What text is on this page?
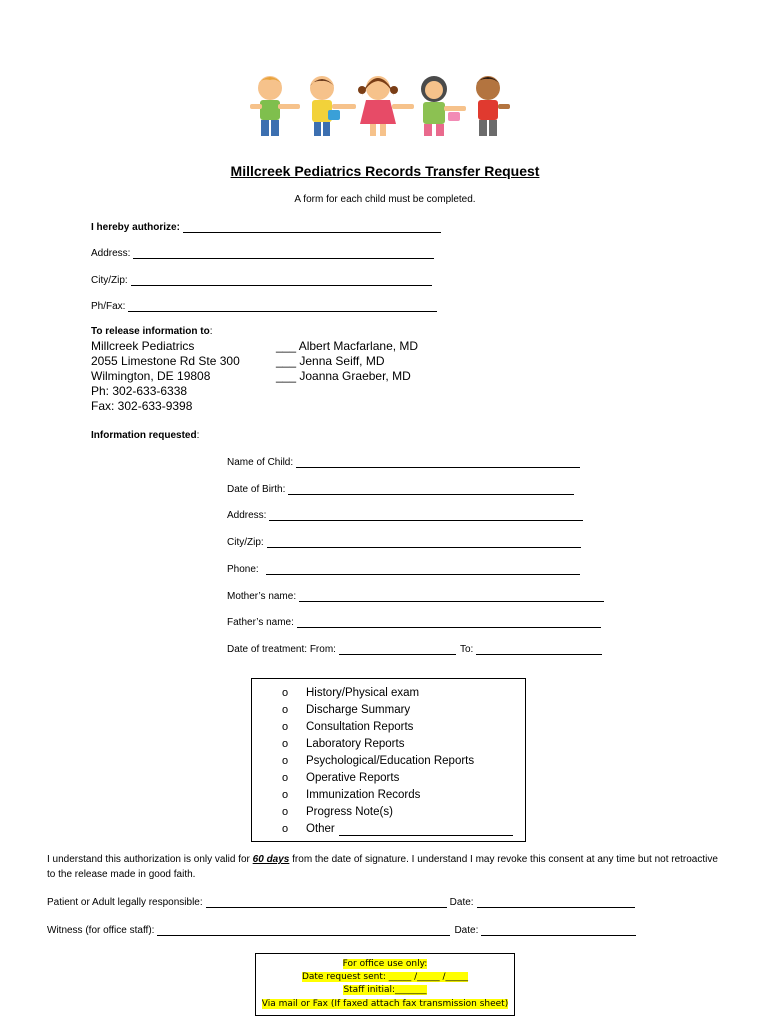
Millcreek Pediatrics Records Transfer Request
A form for each child must be completed.
I hereby authorize:
Address:
City/Zip:
Ph/Fax:
To release information to :
Millcreek Pediatrics
2055 Limestone Rd Ste 300
Wilmington, DE 19808
Ph: 302-633-6338
Fax: 302-633-9398
___ Albert Macfarlane, MD
___ Jenna Seiff, MD
___ Joanna Graeber, MD
Information requested :
Name of Child:
Date of Birth:
Address:
City/Zip:
Phone:
Mother’s name:
Father’s name:
Date of treatment: From:	To:
o	History/Physical exam
o	Discharge Summary
o	Consultation Reports
o	Laboratory Reports
o	Psychological/Education Reports
o	Operative Reports
o	Immunization Records
o	Progress Note(s)
o	Other
I understand this authorization is only valid for 60 days from the date of signature. I understand I may revoke this consent at any time but not retroactive to the release made in good faith.
Patient or Adult legally responsible:	Date:
Witness (for office staff):	Date:
For office use only:
Date request sent: _____ /_____ /_____
Staff initial:_______
Via mail or Fax (If faxed attach fax transmission sheet)
